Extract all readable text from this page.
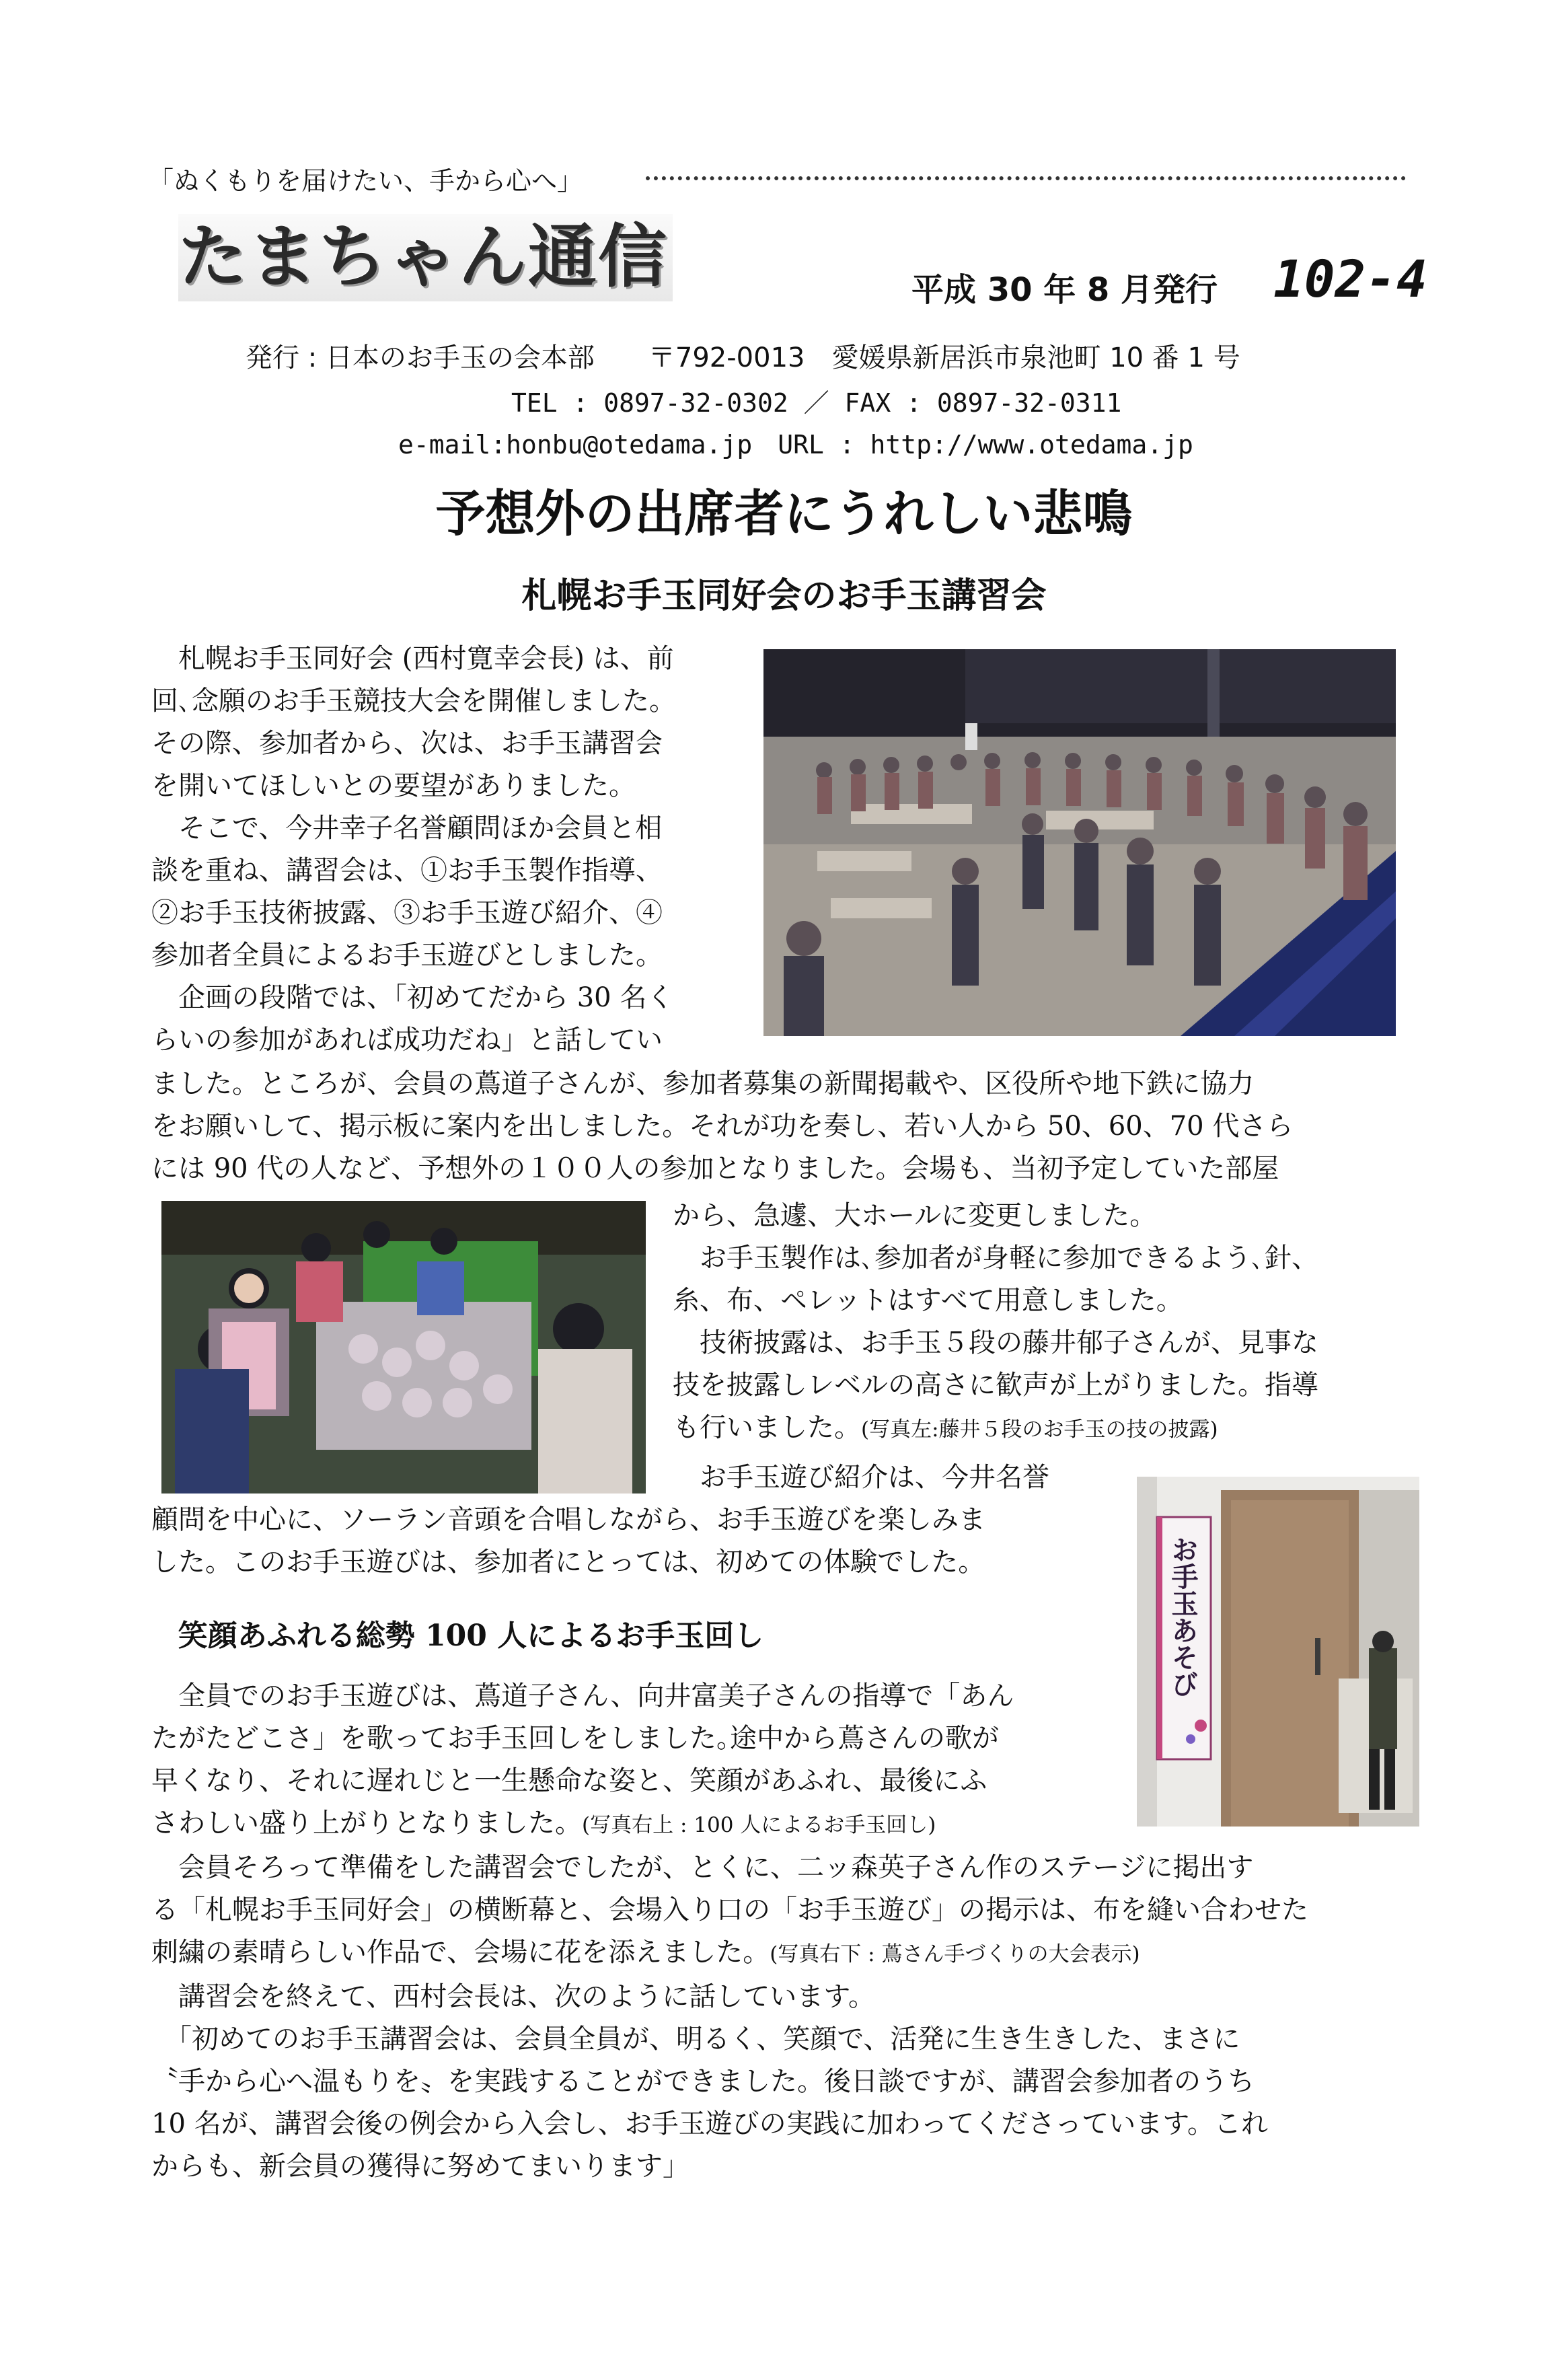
「ぬくもりを届けたい、手から心へ」
たまちゃん通信	平成 30 年 8 月発行 102-4
発行 : 日本のお手玉の会本部　　〒792-0013　愛媛県新居浜市泉池町 10 番 1 号
TEL : 0897-32-0302 ／ FAX : 0897-32-0311
e-mail:honbu@otedama.jp　URL : http://www.otedama.jp
予想外の出席者にうれしい悲鳴
札幌お手玉同好会のお手玉講習会
　札幌お手玉同好会 (西村寛幸会長) は、前
回､念願のお手玉競技大会を開催しました。
その際、参加者から、次は、お手玉講習会
を開いてほしいとの要望がありました。
　そこで、今井幸子名誉顧問ほか会員と相
談を重ね、講習会は、①お手玉製作指導、
②お手玉技術披露、③お手玉遊び紹介、④
参加者全員によるお手玉遊びとしました。
　企画の段階では、「初めてだから 30 名く
らいの参加があれば成功だね」と話してい
ました。ところが、会員の蔦道子さんが、参加者募集の新聞掲載や、区役所や地下鉄に協力
をお願いして、掲示板に案内を出しました。それが功を奏し、若い人から 50、60、70 代さら
には 90 代の人など、予想外の１００人の参加となりました。会場も、当初予定していた部屋
から、急遽、大ホールに変更しました。
　お手玉製作は､参加者が身軽に参加できるよう､針、
糸、布、ペレットはすべて用意しました。
　技術披露は、お手玉５段の藤井郁子さんが、見事な
技を披露しレベルの高さに歓声が上がりました。指導
も行いました。(写真左:藤井５段のお手玉の技の披露)
　お手玉遊び紹介は、今井名誉
顧問を中心に、ソーラン音頭を合唱しながら、お手玉遊びを楽しみま
した。このお手玉遊びは、参加者にとっては、初めての体験でした。	お手玉あそび
笑顔あふれる総勢 100 人によるお手玉回し
　全員でのお手玉遊びは、蔦道子さん、向井富美子さんの指導で「あん
たがたどこさ」を歌ってお手玉回しをしました｡途中から蔦さんの歌が
早くなり、それに遅れじと一生懸命な姿と、笑顔があふれ、最後にふ
さわしい盛り上がりとなりました。(写真右上 : 100 人によるお手玉回し)
　会員そろって準備をした講習会でしたが、とくに、二ッ森英子さん作のステージに掲出す
る「札幌お手玉同好会」の横断幕と、会場入り口の「お手玉遊び」の掲示は、布を縫い合わせた
刺繍の素晴らしい作品で、会場に花を添えました。(写真右下 : 蔦さん手づくりの大会表示)
　講習会を終えて、西村会長は、次のように話しています。
　「初めてのお手玉講習会は、会員全員が、明るく、笑顔で、活発に生き生きした、まさに
〝手から心へ温もりを〟を実践することができました。後日談ですが、講習会参加者のうち
10 名が、講習会後の例会から入会し、お手玉遊びの実践に加わってくださっています。これ
からも、新会員の獲得に努めてまいります」
